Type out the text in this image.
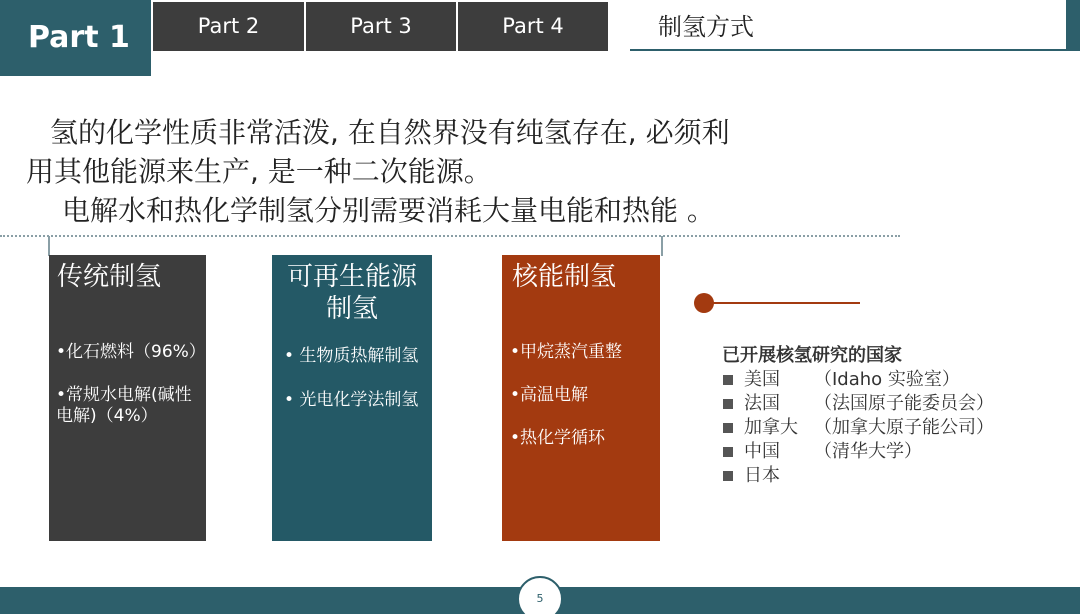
Part 1	Part 2	Part 3	Part 4	制氢方式

氢的化学性质非常活泼, 在自然界没有纯氢存在, 必须利

用其他能源来生产, 是一种二次能源。

电解水和热化学制氢分别需要消耗大量电能和热能 。

传统制氢
•化石燃料（96%）
•常规水电解(碱性电解)（4%）
可再生能源
制氢
• 生物质热解制氢
• 光电化学法制氢
核能制氢
•甲烷蒸汽重整
•高温电解
•热化学循环
已开展核氢研究的国家
美国 （Idaho 实验室）
法国 （法国原子能委员会）
加拿大 （加拿大原子能公司）
中国 （清华大学）
日本
5
